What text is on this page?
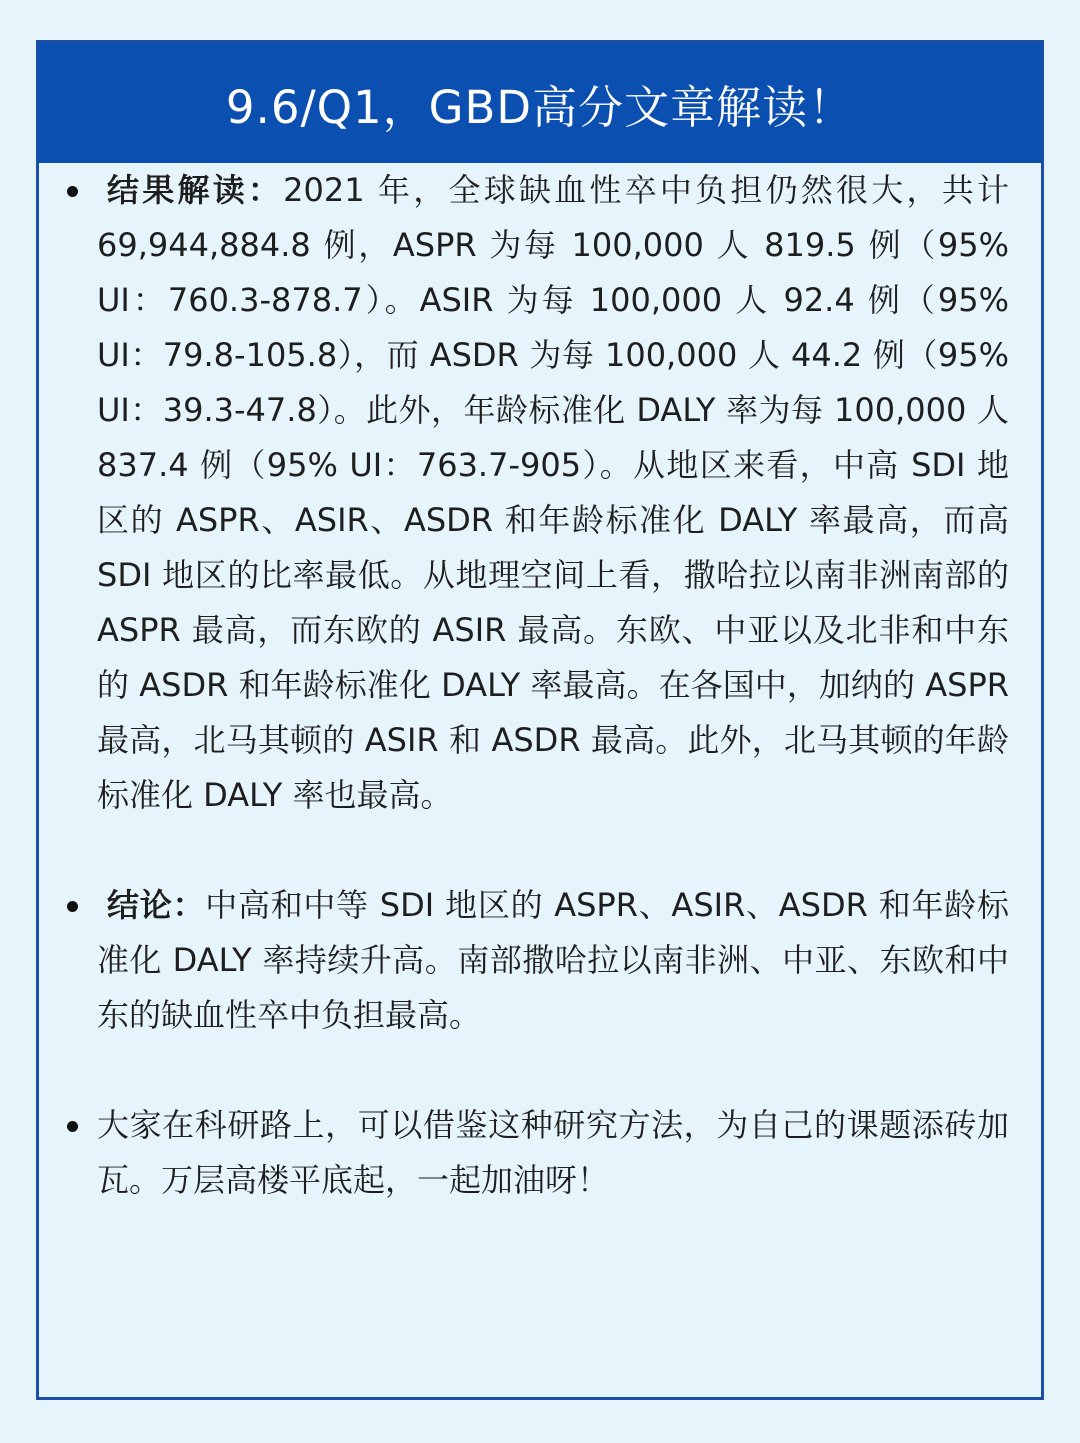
9.6/Q1，GBD高分文章解读！
结果解读：2021 年，全球缺血性卒中负担仍然很大，共计 69,944,884.8 例，ASPR 为每 100,000 人 819.5 例（95% UI：760.3-878.7）。ASIR 为每 100,000 人 92.4 例（95% UI：79.8-105.8），而 ASDR 为每 100,000 人 44.2 例（95% UI：39.3-47.8）。此外，年龄标准化 DALY 率为每 100,000 人 837.4 例（95% UI：763.7-905）。从地区来看，中高 SDI 地区的 ASPR、ASIR、ASDR 和年龄标准化 DALY 率最高，而高 SDI 地区的比率最低。从地理空间上看，撒哈拉以南非洲南部的 ASPR 最高，而东欧的 ASIR 最高。东欧、中亚以及北非和中东的 ASDR 和年龄标准化 DALY 率最高。在各国中，加纳的 ASPR 最高，北马其顿的 ASIR 和 ASDR 最高。此外，北马其顿的年龄标准化 DALY 率也最高。
结论：中高和中等 SDI 地区的 ASPR、ASIR、ASDR 和年龄标准化 DALY 率持续升高。南部撒哈拉以南非洲、中亚、东欧和中东的缺血性卒中负担最高。
大家在科研路上，可以借鉴这种研究方法，为自己的课题添砖加瓦。万层高楼平底起，一起加油呀！
